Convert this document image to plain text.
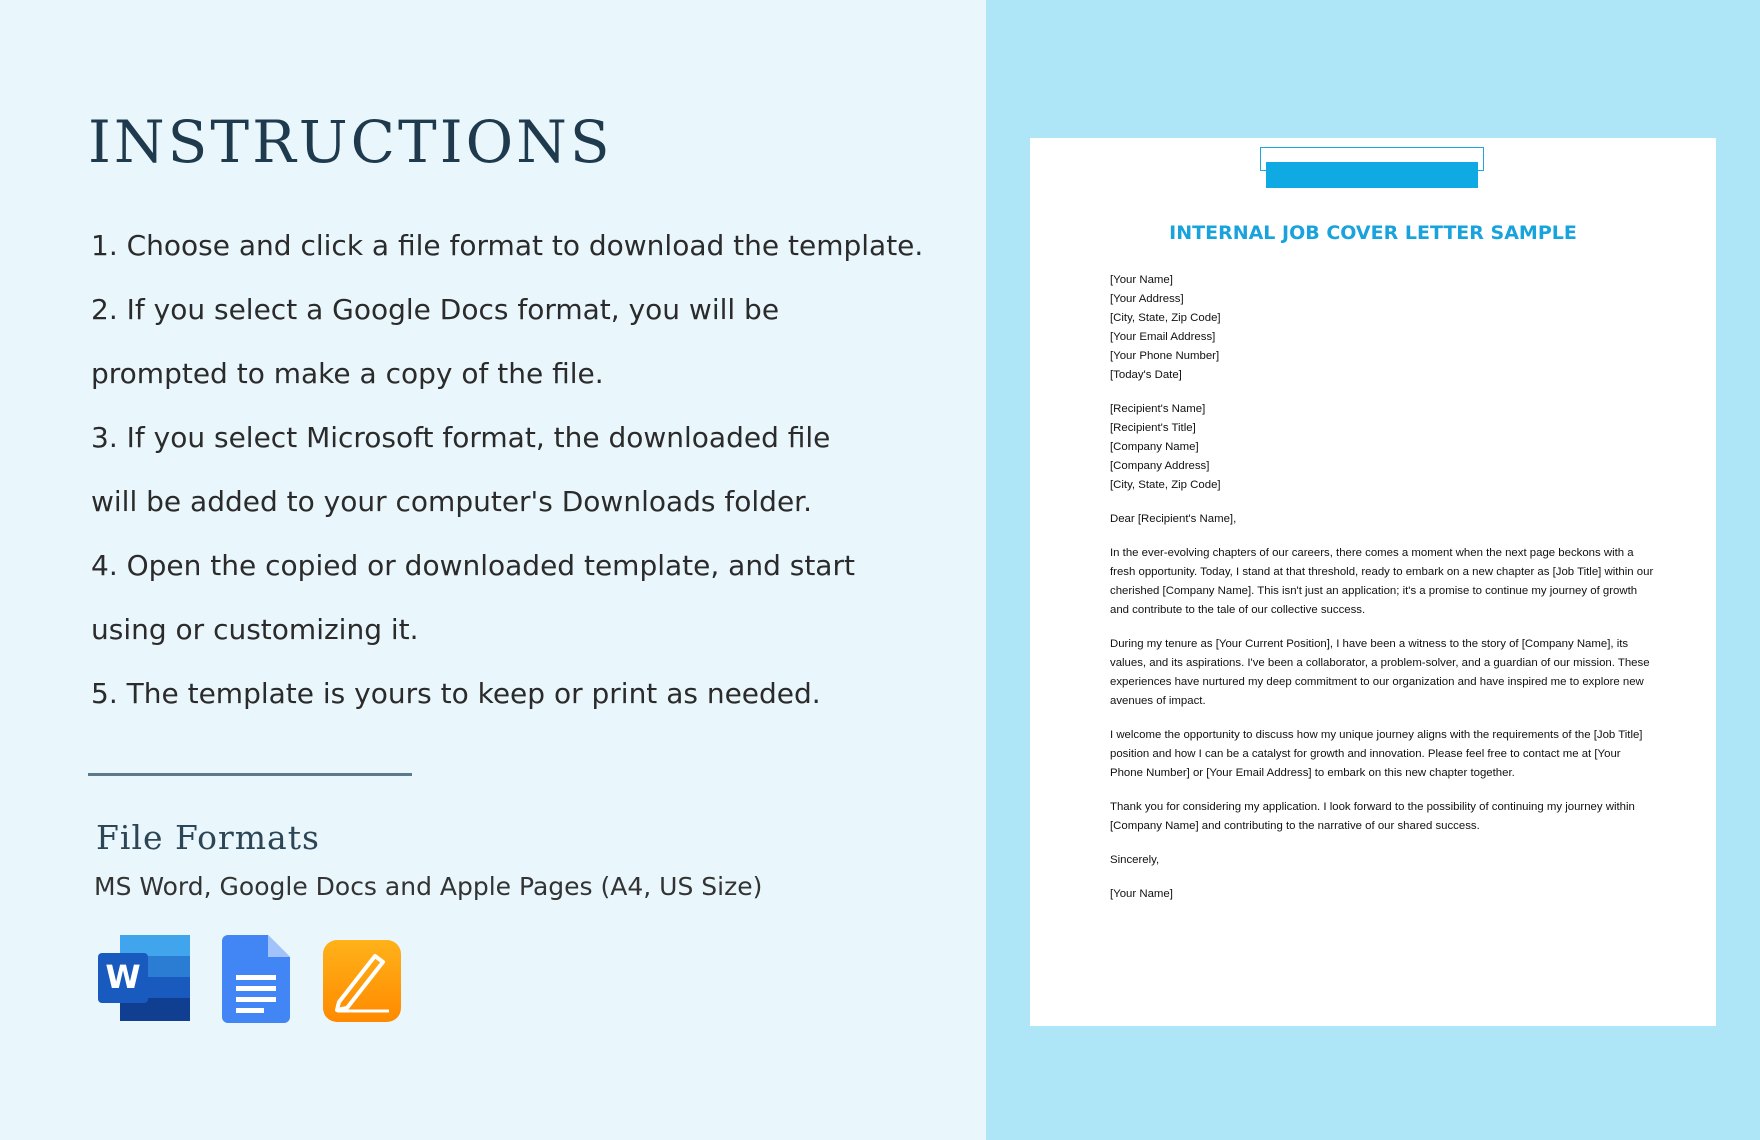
INSTRUCTIONS
1. Choose and click a file format to download the template.
2. If you select a Google Docs format, you will be
prompted to make a copy of the file.
3. If you select Microsoft format, the downloaded file
will be added to your computer's Downloads folder.
4. Open the copied or downloaded template, and start
using or customizing it.
5. The template is yours to keep or print as needed.
File Formats
MS Word, Google Docs and Apple Pages (A4, US Size)
W
INTERNAL JOB COVER LETTER SAMPLE
[Your Name]
[Your Address]
[City, State, Zip Code]
[Your Email Address]
[Your Phone Number]
[Today's Date]
[Recipient's Name]
[Recipient's Title]
[Company Name]
[Company Address]
[City, State, Zip Code]
Dear [Recipient's Name],
In the ever-evolving chapters of our careers, there comes a moment when the next page beckons with a fresh opportunity. Today, I stand at that threshold, ready to embark on a new chapter as [Job Title] within our cherished [Company Name]. This isn't just an application; it's a promise to continue my journey of growth and contribute to the tale of our collective success.
During my tenure as [Your Current Position], I have been a witness to the story of [Company Name], its values, and its aspirations. I've been a collaborator, a problem-solver, and a guardian of our mission. These experiences have nurtured my deep commitment to our organization and have inspired me to explore new avenues of impact.
I welcome the opportunity to discuss how my unique journey aligns with the requirements of the [Job Title] position and how I can be a catalyst for growth and innovation. Please feel free to contact me at [Your Phone Number] or [Your Email Address] to embark on this new chapter together.
Thank you for considering my application. I look forward to the possibility of continuing my journey within [Company Name] and contributing to the narrative of our shared success.
Sincerely,
[Your Name]
